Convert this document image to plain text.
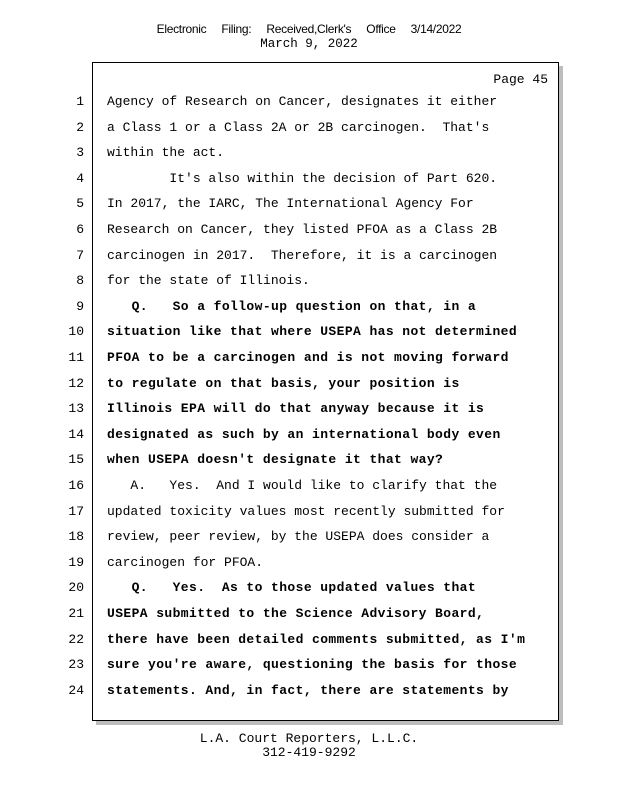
Electronic Filing: Received,Clerk's Office 3/14/2022
March 9, 2022
Page 45
1 Agency of Research on Cancer, designates it either
2 a Class 1 or a Class 2A or 2B carcinogen.  That's
3 within the act.
4 It's also within the decision of Part 620.
5 In 2017, the IARC, The International Agency For
6 Research on Cancer, they listed PFOA as a Class 2B
7 carcinogen in 2017.  Therefore, it is a carcinogen
8 for the state of Illinois.
9 Q.   So a follow-up question on that, in a
10 situation like that where USEPA has not determined
11 PFOA to be a carcinogen and is not moving forward
12 to regulate on that basis, your position is
13 Illinois EPA will do that anyway because it is
14 designated as such by an international body even
15 when USEPA doesn't designate it that way?
16 A.   Yes.  And I would like to clarify that the
17 updated toxicity values most recently submitted for
18 review, peer review, by the USEPA does consider a
19 carcinogen for PFOA.
20 Q.   Yes.  As to those updated values that
21 USEPA submitted to the Science Advisory Board,
22 there have been detailed comments submitted, as I'm
23 sure you're aware, questioning the basis for those
24 statements. And, in fact, there are statements by
L.A. Court Reporters, L.L.C.
312-419-9292
